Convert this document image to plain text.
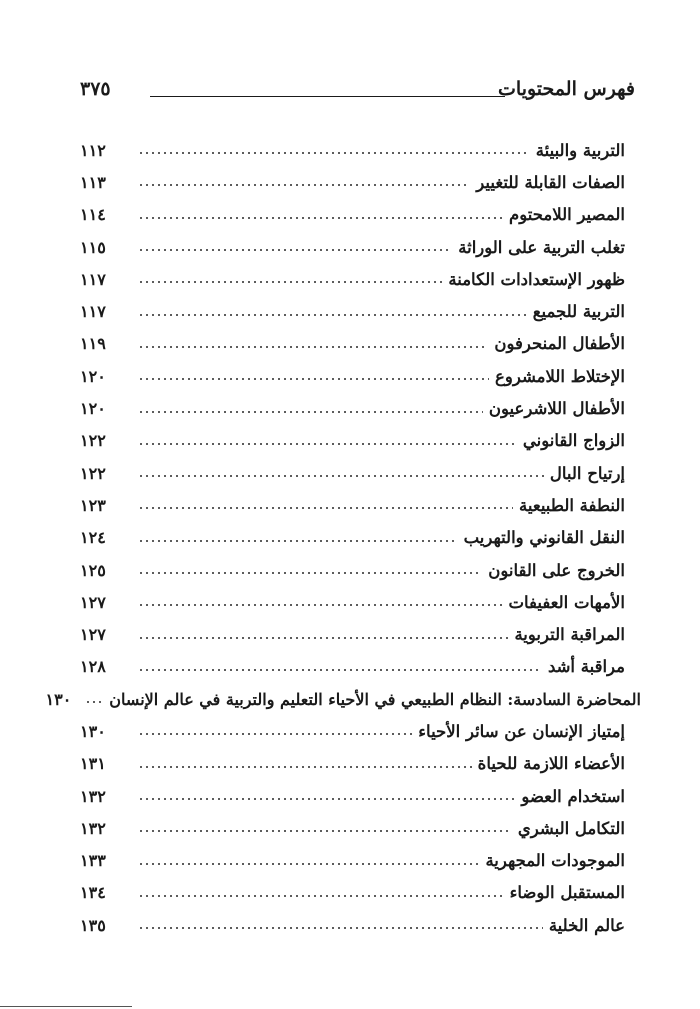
فهرس المحتويات
٣٧٥
التربية والبيئة
١١٢
الصفات القابلة للتغيير
١١٣
المصير اللامحتوم
١١٤
تغلب التربية على الوراثة
١١٥
ظهور الإستعدادات الكامنة
١١٧
التربية للجميع
١١٧
الأطفال المنحرفون
١١٩
الإختلاط اللامشروع
١٢٠
الأطفال اللاشرعيون
١٢٠
الزواج القانوني
١٢٢
إرتياح البال
١٢٢
النطفة الطبيعية
١٢٣
النقل القانوني والتهريب
١٢٤
الخروج على القانون
١٢٥
الأمهات العفيفات
١٢٧
المراقبة التربوية
١٢٧
مراقبة أشد
١٢٨
المحاضرة السادسة: النظام الطبيعي في الأحياء التعليم والتربية في عالم الإنسان
١٣٠
إمتياز الإنسان عن سائر الأحياء
١٣٠
الأعضاء اللازمة للحياة
١٣١
استخدام العضو
١٣٢
التكامل البشري
١٣٢
الموجودات المجهرية
١٣٣
المستقبل الوضاء
١٣٤
عالم الخلية
١٣٥
